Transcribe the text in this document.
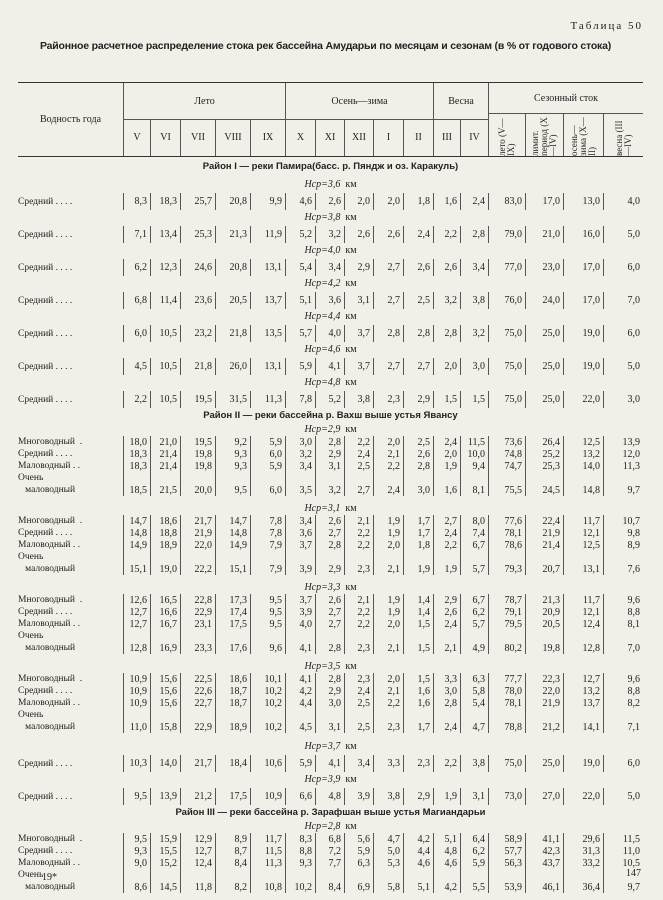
Таблица 50
Районное расчетное распределение стока рек бассейна Амударьи по месяцам и сезонам (в % от годового стока)
Водность года
Лето	Осень—зима	Весна	Сезонный сток
V	VI	VII	VIII	IX	X	XI	XII	I	II	III	IV	лето (V—IX) лимит. период (X—IV) осень—зима (X—II) весна (III—IV)
Район I — реки Памира(басс. р. Пяндж и оз. Каракуль)
Hср=3,6 км
Средний . . . .	8,3	18,3	25,7	20,8	9,9	4,6	2,6	2,0	2,0	1,8	1,6	2,4	83,0	17,0	13,0	4,0
Hср=3,8 км
Средний . . . .	7,1	13,4	25,3	21,3	11,9	5,2	3,2	2,6	2,6	2,4	2,2	2,8	79,0	21,0	16,0	5,0
Hср=4,0 км
Средний . . . .	6,2	12,3	24,6	20,8	13,1	5,4	3,4	2,9	2,7	2,6	2,6	3,4	77,0	23,0	17,0	6,0
Hср=4,2 км
Средний . . . .	6,8	11,4	23,6	20,5	13,7	5,1	3,6	3,1	2,7	2,5	3,2	3,8	76,0	24,0	17,0	7,0
Hср=4,4 км
Средний . . . .	6,0	10,5	23,2	21,8	13,5	5,7	4,0	3,7	2,8	2,8	2,8	3,2	75,0	25,0	19,0	6,0
Hср=4,6 км
Средний . . . .	4,5	10,5	21,8	26,0	13,1	5,9	4,1	3,7	2,7	2,7	2,0	3,0	75,0	25,0	19,0	5,0
Hср=4,8 км
Средний . . . .	2,2	10,5	19,5	31,5	11,3	7,8	5,2	3,8	2,3	2,9	1,5	1,5	75,0	25,0	22,0	3,0
Район II — реки бассейна р. Вахш выше устья Явансу
Hср=2,9 км
Многоводный  .	18,0	21,0	19,5	9,2	5,9	3,0	2,8	2,2	2,0	2,5	2,4	11,5	73,6	26,4	12,5	13,9
Средний . . . .	18,3	21,4	19,8	9,3	6,0	3,2	2,9	2,4	2,1	2,6	2,0	10,0	74,8	25,2	13,2	12,0
Маловодный . .	18,3	21,4	19,8	9,3	5,9	3,4	3,1	2,5	2,2	2,8	1,9	9,4	74,7	25,3	14,0	11,3
Очень
маловодный	18,5	21,5	20,0	9,5	6,0	3,5	3,2	2,7	2,4	3,0	1,6	8,1	75,5	24,5	14,8	9,7
Hср=3,1 км
Многоводный  .	14,7	18,6	21,7	14,7	7,8	3,4	2,6	2,1	1,9	1,7	2,7	8,0	77,6	22,4	11,7	10,7
Средний . . . .	14,8	18,8	21,9	14,8	7,8	3,6	2,7	2,2	1,9	1,7	2,4	7,4	78,1	21,9	12,1	9,8
Маловодный . .	14,9	18,9	22,0	14,9	7,9	3,7	2,8	2,2	2,0	1,8	2,2	6,7	78,6	21,4	12,5	8,9
Очень
маловодный	15,1	19,0	22,2	15,1	7,9	3,9	2,9	2,3	2,1	1,9	1,9	5,7	79,3	20,7	13,1	7,6
Hср=3,3 км
Многоводный  .	12,6	16,5	22,8	17,3	9,5	3,7	2,6	2,1	1,9	1,4	2,9	6,7	78,7	21,3	11,7	9,6
Средний . . . .	12,7	16,6	22,9	17,4	9,5	3,9	2,7	2,2	1,9	1,4	2,6	6,2	79,1	20,9	12,1	8,8
Маловодный . .	12,7	16,7	23,1	17,5	9,5	4,0	2,7	2,2	2,0	1,5	2,4	5,7	79,5	20,5	12,4	8,1
Очень
маловодный	12,8	16,9	23,3	17,6	9,6	4,1	2,8	2,3	2,1	1,5	2,1	4,9	80,2	19,8	12,8	7,0
Hср=3,5 км
Многоводный  .	10,9	15,6	22,5	18,6	10,1	4,1	2,8	2,3	2,0	1,5	3,3	6,3	77,7	22,3	12,7	9,6
Средний . . . .	10,9	15,6	22,6	18,7	10,2	4,2	2,9	2,4	2,1	1,6	3,0	5,8	78,0	22,0	13,2	8,8
Маловодный . .	10,9	15,6	22,7	18,7	10,2	4,4	3,0	2,5	2,2	1,6	2,8	5,4	78,1	21,9	13,7	8,2
Очень
маловодный	11,0	15,8	22,9	18,9	10,2	4,5	3,1	2,5	2,3	1,7	2,4	4,7	78,8	21,2	14,1	7,1
Hср=3,7 км
Средний . . . .	10,3	14,0	21,7	18,4	10,6	5,9	4,1	3,4	3,3	2,3	2,2	3,8	75,0	25,0	19,0	6,0
Hср=3,9 км
Средний . . . .	9,5	13,9	21,2	17,5	10,9	6,6	4,8	3,9	3,8	2,9	1,9	3,1	73,0	27,0	22,0	5,0
Район III — реки бассейна р. Зарафшан выше устья Магиандарьи
Hср=2,8 км
Многоводный  .	9,5	15,9	12,9	8,9	11,7	8,3	6,8	5,6	4,7	4,2	5,1	6,4	58,9	41,1	29,6	11,5
Средний . . . .	9,3	15,5	12,7	8,7	11,5	8,8	7,2	5,9	5,0	4,4	4,8	6,2	57,7	42,3	31,3	11,0
Маловодный . .	9,0	15,2	12,4	8,4	11,3	9,3	7,7	6,3	5,3	4,6	4,6	5,9	56,3	43,7	33,2	10,5
Очень
маловодный	8,6	14,5	11,8	8,2	10,8	10,2	8,4	6,9	5,8	5,1	4,2	5,5	53,9	46,1	36,4	9,7
19*	147
